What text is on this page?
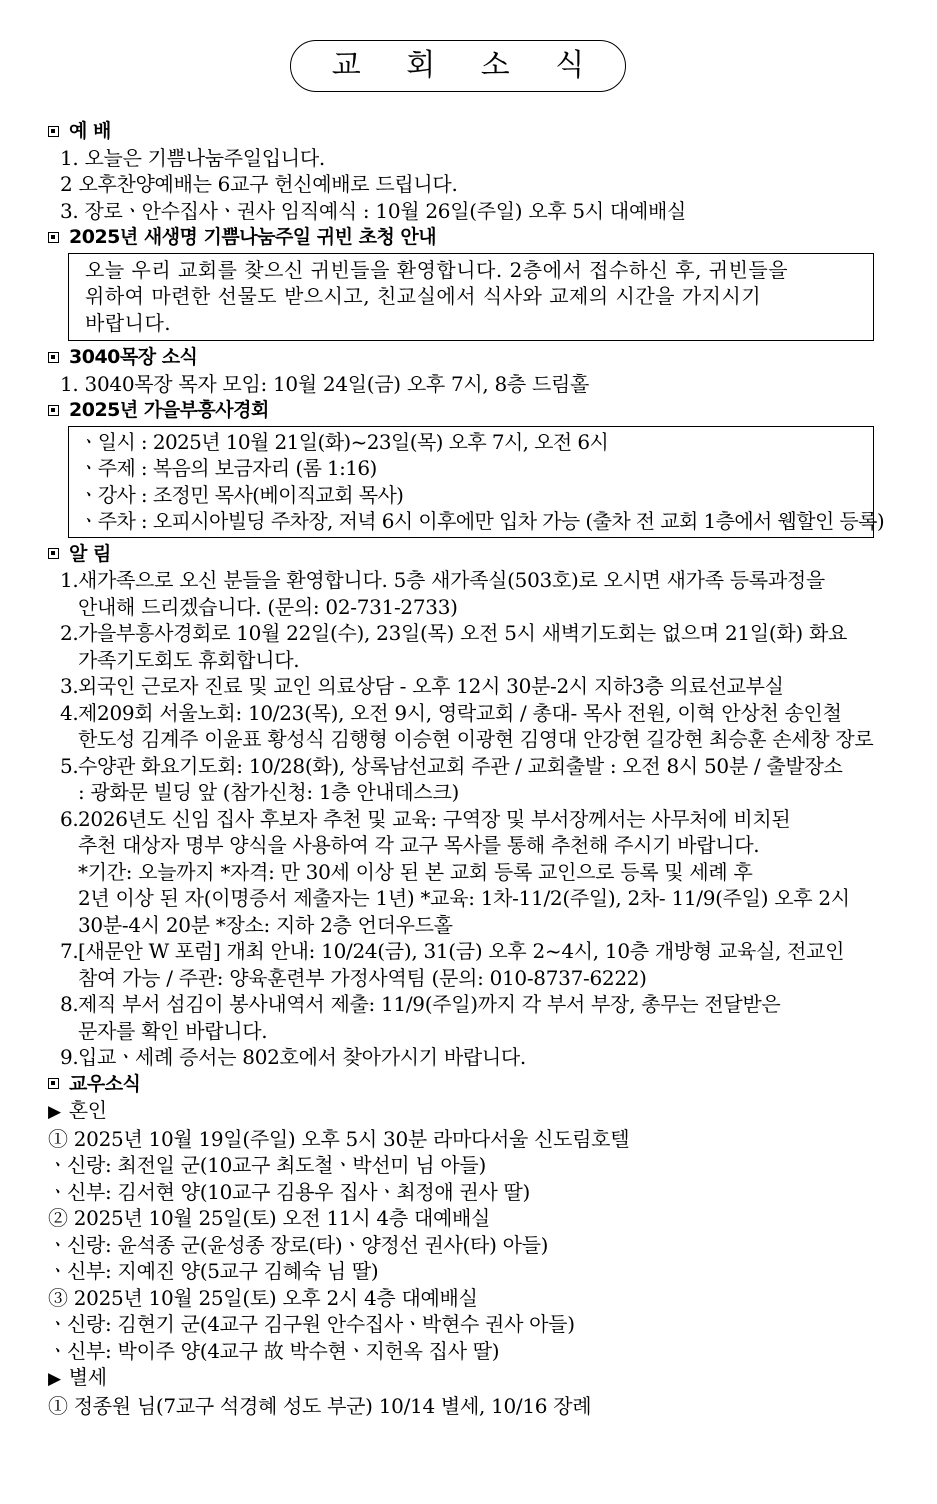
교 회 소 식
예 배
1. 오늘은 기쁨나눔주일입니다.
2 오후찬양예배는 6교구 헌신예배로 드립니다.
3. 장로ㆍ안수집사ㆍ권사 임직예식 : 10월 26일(주일) 오후 5시 대예배실
2025년 새생명 기쁨나눔주일 귀빈 초청 안내
오늘 우리 교회를 찾으신 귀빈들을 환영합니다. 2층에서 접수하신 후, 귀빈들을
위하여 마련한 선물도 받으시고, 친교실에서 식사와 교제의 시간을 가지시기
바랍니다.
3040목장 소식
1. 3040목장 목자 모임: 10월 24일(금) 오후 7시, 8층 드림홀
2025년 가을부흥사경회
ㆍ일시 : 2025년 10월 21일(화)~23일(목) 오후 7시, 오전 6시
ㆍ주제 : 복음의 보금자리 (롬 1:16)
ㆍ강사 : 조정민 목사(베이직교회 목사)
ㆍ주차 : 오피시아빌딩 주차장, 저녁 6시 이후에만 입차 가능 (출차 전 교회 1층에서 웹할인 등록)
알 림
1. 새가족으로 오신 분들을 환영합니다. 5층 새가족실(503호)로 오시면 새가족 등록과정을
안내해 드리겠습니다. (문의: 02-731-2733)
2. 가을부흥사경회로 10월 22일(수), 23일(목) 오전 5시 새벽기도회는 없으며 21일(화) 화요
가족기도회도 휴회합니다.
3. 외국인 근로자 진료 및 교인 의료상담 - 오후 12시 30분-2시 지하3층 의료선교부실
4. 제209회 서울노회: 10/23(목), 오전 9시, 영락교회 / 총대- 목사 전원, 이혁 안상천 송인철
한도성 김계주 이윤표 황성식 김행형 이승현 이광현 김영대 안강현 길강현 최승훈 손세창 장로
5. 수양관 화요기도회: 10/28(화), 상록남선교회 주관 / 교회출발 : 오전 8시 50분 / 출발장소
: 광화문 빌딩 앞 (참가신청: 1층 안내데스크)
6. 2026년도 신임 집사 후보자 추천 및 교육: 구역장 및 부서장께서는 사무처에 비치된
추천 대상자 명부 양식을 사용하여 각 교구 목사를 통해 추천해 주시기 바랍니다.
*기간: 오늘까지 *자격: 만 30세 이상 된 본 교회 등록 교인으로 등록 및 세례 후
2년 이상 된 자(이명증서 제출자는 1년) *교육: 1차-11/2(주일), 2차- 11/9(주일) 오후 2시
30분-4시 20분 *장소: 지하 2층 언더우드홀
7. [새문안 W 포럼] 개최 안내: 10/24(금), 31(금) 오후 2~4시, 10층 개방형 교육실, 전교인
참여 가능 / 주관: 양육훈련부 가정사역팀 (문의: 010-8737-6222)
8. 제직 부서 섬김이 봉사내역서 제출: 11/9(주일)까지 각 부서 부장, 총무는 전달받은
문자를 확인 바랍니다.
9. 입교ㆍ세례 증서는 802호에서 찾아가시기 바랍니다.
교우소식
▶ 혼인
① 2025년 10월 19일(주일) 오후 5시 30분 라마다서울 신도림호텔
ㆍ신랑: 최전일 군(10교구 최도철ㆍ박선미 님 아들)
ㆍ신부: 김서현 양(10교구 김용우 집사ㆍ최정애 권사 딸)
② 2025년 10월 25일(토) 오전 11시 4층 대예배실
ㆍ신랑: 윤석종 군(윤성종 장로(타)ㆍ양정선 권사(타) 아들)
ㆍ신부: 지예진 양(5교구 김혜숙 님 딸)
③ 2025년 10월 25일(토) 오후 2시 4층 대예배실
ㆍ신랑: 김현기 군(4교구 김구원 안수집사ㆍ박현수 권사 아들)
ㆍ신부: 박이주 양(4교구 故 박수현ㆍ지헌옥 집사 딸)
▶ 별세
① 정종원 님(7교구 석경혜 성도 부군) 10/14 별세, 10/16 장례
